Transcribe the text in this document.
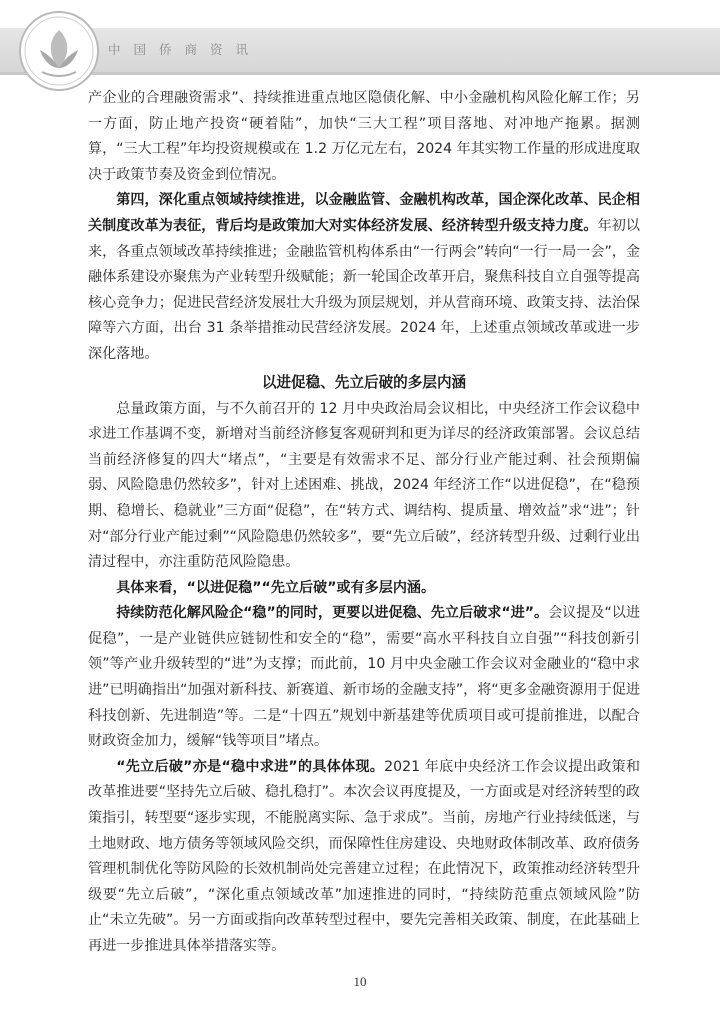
中国侨商资讯

产企业的合理融资需求”、持续推进重点地区隐债化解、中小金融机构风险化解工作；另一方面，防止地产投资“硬着陆”，加快“三大工程”项目落地、对冲地产拖累。据测算，“三大工程”年均投资规模或在 1.2 万亿元左右，2024 年其实物工作量的形成进度取决于政策节奏及资金到位情况。

第四，深化重点领域持续推进，以金融监管、金融机构改革，国企深化改革、民企相关制度改革为表征，背后均是政策加大对实体经济发展、经济转型升级支持力度。年初以来，各重点领域改革持续推进；金融监管机构体系由“一行两会”转向“一行一局一会”，金融体系建设亦聚焦为产业转型升级赋能；新一轮国企改革开启，聚焦科技自立自强等提高核心竞争力；促进民营经济发展壮大升级为顶层规划，并从营商环境、政策支持、法治保障等六方面，出台 31 条举措推动民营经济发展。2024 年，上述重点领域改革或进一步深化落地。

以进促稳、先立后破的多层内涵

总量政策方面，与不久前召开的 12 月中央政治局会议相比，中央经济工作会议稳中求进工作基调不变，新增对当前经济修复客观研判和更为详尽的经济政策部署。会议总结当前经济修复的四大“堵点”，“主要是有效需求不足、部分行业产能过剩、社会预期偏弱、风险隐患仍然较多”，针对上述困难、挑战，2024 年经济工作“以进促稳”，在“稳预期、稳增长、稳就业”三方面“促稳”，在“转方式、调结构、提质量、增效益”求“进”；针对“部分行业产能过剩”“风险隐患仍然较多”，要“先立后破”，经济转型升级、过剩行业出清过程中，亦注重防范风险隐患。

具体来看，“以进促稳”“先立后破”或有多层内涵。

持续防范化解风险企“稳”的同时，更要以进促稳、先立后破求“进”。会议提及“以进促稳”，一是产业链供应链韧性和安全的“稳”，需要“高水平科技自立自强”“科技创新引领”等产业升级转型的“进”为支撑；而此前，10 月中央金融工作会议对金融业的“稳中求进”已明确指出“加强对新科技、新赛道、新市场的金融支持”，将“更多金融资源用于促进科技创新、先进制造”等。二是“十四五”规划中新基建等优质项目或可提前推进，以配合财政资金加力，缓解“钱等项目”堵点。

“先立后破”亦是“稳中求进”的具体体现。2021 年底中央经济工作会议提出政策和改革推进要“坚持先立后破、稳扎稳打”。本次会议再度提及，一方面或是对经济转型的政策指引，转型要“逐步实现，不能脱离实际、急于求成”。当前，房地产行业持续低迷，与土地财政、地方债务等领域风险交织，而保障性住房建设、央地财政体制改革、政府债务管理机制优化等防风险的长效机制尚处完善建立过程；在此情况下，政策推动经济转型升级要“先立后破”，“深化重点领域改革”加速推进的同时，“持续防范重点领域风险”防止“未立先破”。另一方面或指向改革转型过程中，要先完善相关政策、制度，在此基础上再进一步推进具体举措落实等。

10
